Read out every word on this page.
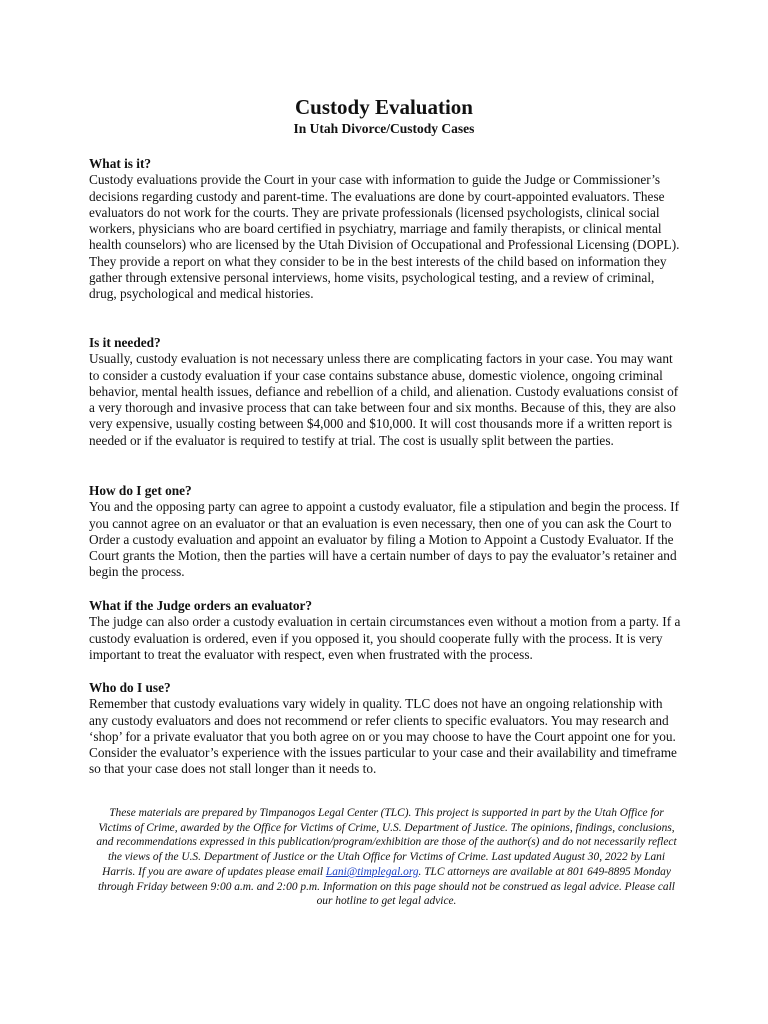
Custody Evaluation
In Utah Divorce/Custody Cases
What is it?
Custody evaluations provide the Court in your case with information to guide the Judge or Commissioner’s decisions regarding custody and parent-time. The evaluations are done by court-appointed evaluators. These evaluators do not work for the courts. They are private professionals (licensed psychologists, clinical social workers, physicians who are board certified in psychiatry, marriage and family therapists, or clinical mental health counselors) who are licensed by the Utah Division of Occupational and Professional Licensing (DOPL). They provide a report on what they consider to be in the best interests of the child based on information they gather through extensive personal interviews, home visits, psychological testing, and a review of criminal, drug, psychological and medical histories.
Is it needed?
Usually, custody evaluation is not necessary unless there are complicating factors in your case. You may want to consider a custody evaluation if your case contains substance abuse, domestic violence, ongoing criminal behavior, mental health issues, defiance and rebellion of a child, and alienation. Custody evaluations consist of a very thorough and invasive process that can take between four and six months. Because of this, they are also very expensive, usually costing between $4,000 and $10,000. It will cost thousands more if a written report is needed or if the evaluator is required to testify at trial. The cost is usually split between the parties.
How do I get one?
You and the opposing party can agree to appoint a custody evaluator, file a stipulation and begin the process. If you cannot agree on an evaluator or that an evaluation is even necessary, then one of you can ask the Court to Order a custody evaluation and appoint an evaluator by filing a Motion to Appoint a Custody Evaluator. If the Court grants the Motion, then the parties will have a certain number of days to pay the evaluator’s retainer and begin the process.
What if the Judge orders an evaluator?
The judge can also order a custody evaluation in certain circumstances even without a motion from a party. If a custody evaluation is ordered, even if you opposed it, you should cooperate fully with the process. It is very important to treat the evaluator with respect, even when frustrated with the process.
Who do I use?
Remember that custody evaluations vary widely in quality. TLC does not have an ongoing relationship with any custody evaluators and does not recommend or refer clients to specific evaluators. You may research and ‘shop’ for a private evaluator that you both agree on or you may choose to have the Court appoint one for you. Consider the evaluator’s experience with the issues particular to your case and their availability and timeframe so that your case does not stall longer than it needs to.
These materials are prepared by Timpanogos Legal Center (TLC). This project is supported in part by the Utah Office for Victims of Crime, awarded by the Office for Victims of Crime, U.S. Department of Justice. The opinions, findings, conclusions, and recommendations expressed in this publication/program/exhibition are those of the author(s) and do not necessarily reflect the views of the U.S. Department of Justice or the Utah Office for Victims of Crime. Last updated August 30, 2022 by Lani Harris. If you are aware of updates please email Lani@timplegal.org. TLC attorneys are available at 801 649-8895 Monday through Friday between 9:00 a.m. and 2:00 p.m. Information on this page should not be construed as legal advice. Please call our hotline to get legal advice.
